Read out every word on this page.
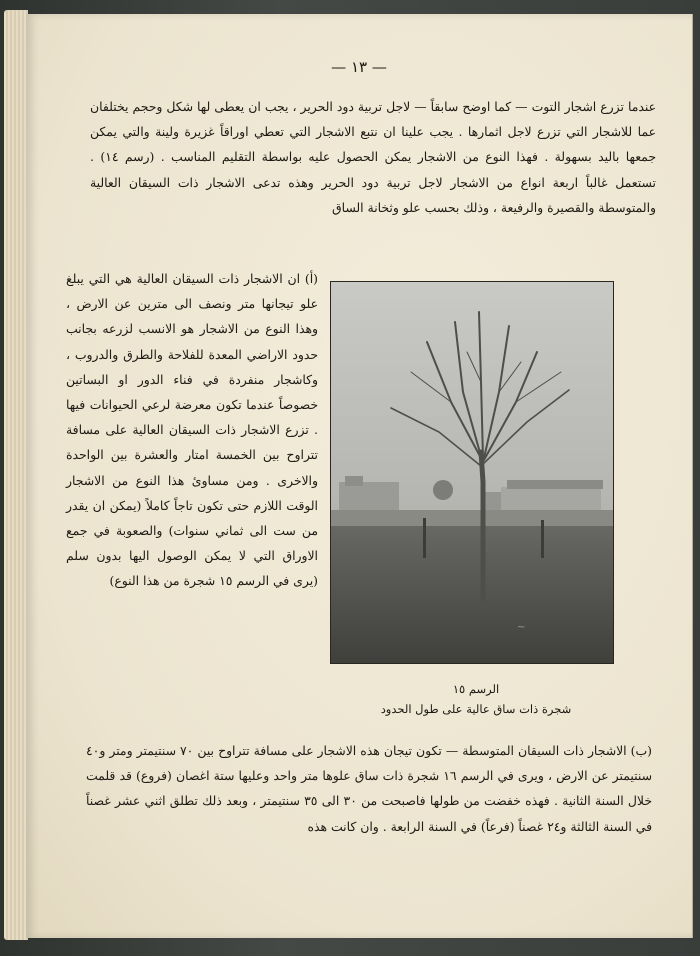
— ١٣ —

عندما تزرع اشجار التوت — كما اوضح سابقاً — لاجل تربية دود الحرير ، يجب ان يعطى لها شكل وحجم يختلفان عما للاشجار التي تزرع لاجل اثمارها . يجب علينا ان نتبع الاشجار التي تعطي اوراقاً غزيرة ولينة والتي يمكن جمعها باليد بسهولة . فهذا النوع من الاشجار يمكن الحصول عليه بواسطة التقليم المناسب . (رسم ١٤) . تستعمل غالباً اربعة انواع من الاشجار لاجل تربية دود الحرير وهذه تدعى الاشجار ذات السيقان العالية والمتوسطة والقصيرة والرفيعة ، وذلك بحسب علو وثخانة الساق

(أ) ان الاشجار ذات السيقان العالية هي التي يبلغ علو تيجانها متر ونصف الى مترين عن الارض ، وهذا النوع من الاشجار هو الانسب لزرعه بجانب حدود الاراضي المعدة للفلاحة والطرق والدروب ، وكاشجار منفردة في فناء الدور او البساتين خصوصاً عندما تكون معرضة لرعي الحيوانات فيها . تزرع الاشجار ذات السيقان العالية على مسافة تتراوح بين الخمسة امتار والعشرة بين الواحدة والاخرى . ومن مساوئ هذا النوع من الاشجار الوقت اللازم حتى تكون تاجاً كاملاً (يمكن ان يقدر من ست الى ثماني سنوات) والصعوبة في جمع الاوراق التي لا يمكن الوصول اليها بدون سلم (يرى في الرسم ١٥ شجرة من هذا النوع)

~
الرسم ١٥
شجرة ذات ساق عالية على طول الحدود

(ب) الاشجار ذات السيقان المتوسطة — تكون تيجان هذه الاشجار على مسافة تتراوح بين ٧٠ سنتيمتر ومتر و٤٠ سنتيمتر عن الارض ، ويرى في الرسم ١٦ شجرة ذات ساق علوها متر واحد وعليها ستة اغصان (فروع) قد قلمت خلال السنة الثانية . فهذه خفضت من طولها فاصبحت من ٣٠ الى ٣٥ سنتيمتر ، وبعد ذلك تطلق اثني عشر غصناً في السنة الثالثة و٢٤ غصناً (فرعاً) في السنة الرابعة . وان كانت هذه
